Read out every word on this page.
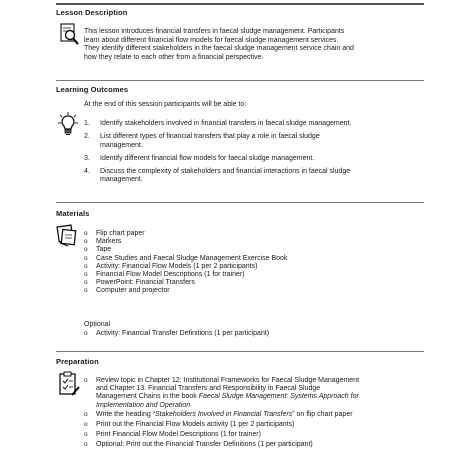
Lesson Description
This lesson introduces financial transfers in faecal sludge management. Participants
learn about different financial flow models for faecal sludge management services.
They identify different stakeholders in the faecal sludge management service chain and
how they relate to each other from a financial perspective.
Learning Outcomes
At the end of this session participants will be able to:
1. Identify stakeholders involved in financial transfers in faecal sludge management.
2. List different types of financial transfers that play a role in faecal sludge
management.
3. Identify different financial flow models for faecal sludge management.
4. Discuss the complexity of stakeholders and financial interactions in faecal sludge
management.
Materials
o Flip chart paper
o Markers
o Tape
o Case Studies and Faecal Sludge Management Exercise Book
o Activity: Financial Flow Models (1 per 2 participants)
o Financial Flow Model Descriptions (1 for trainer)
o PowerPoint: Financial Transfers
o Computer and projector
Optional
o Activity: Financial Transfer Definitions (1 per participant)
Preparation
o Review topic in Chapter 12: Institutional Frameworks for Faecal Sludge Management
and Chapter 13. Financial Transfers and Responsibility in Faecal Sludge
Management Chains in the book Faecal Sludge Management: Systems Approach for
Implementation and Operation
o Write the heading “Stakeholders Involved in Financial Transfers” on flip chart paper
o Print out the Financial Flow Models activity (1 per 2 participants)
o Print Financial Flow Model Descriptions (1 for trainer)
o Optional: Print out the Financial Transfer Definitions (1 per participant)
